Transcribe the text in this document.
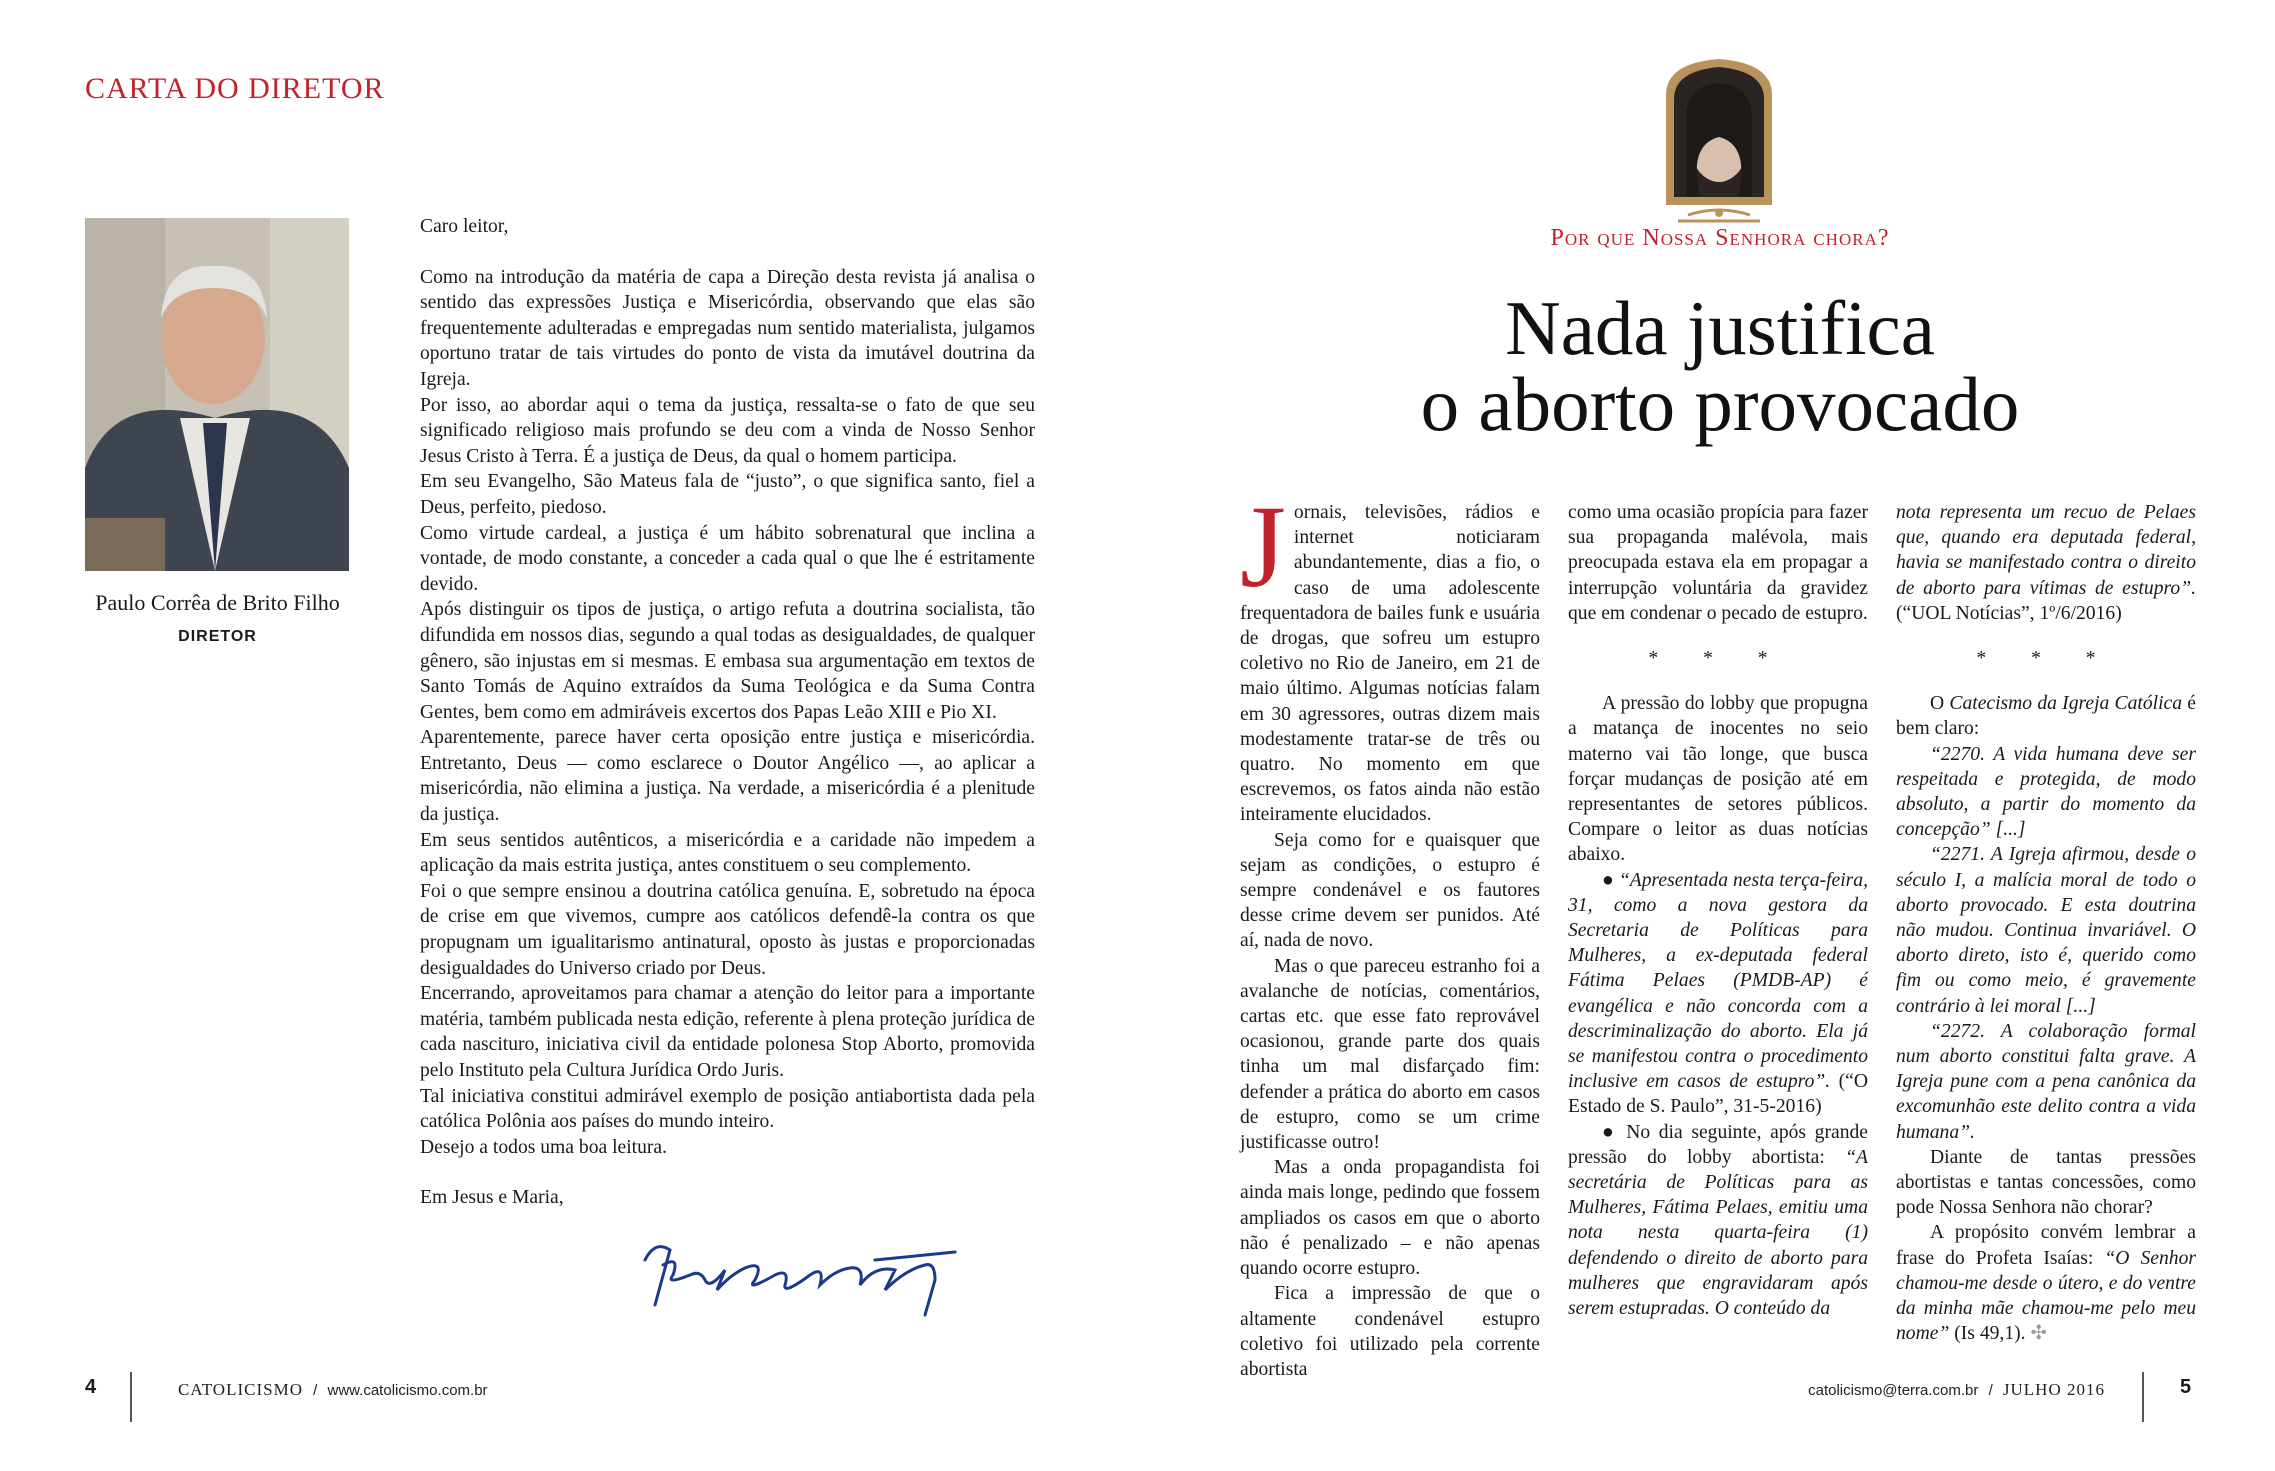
CARTA DO DIRETOR
Paulo Corrêa de Brito Filho
DIRETOR

Caro leitor,

Como na introdução da matéria de capa a Direção desta revista já analisa o sentido das expressões Justiça e Misericórdia, observando que elas são frequentemente adulteradas e empregadas num sentido materialista, julgamos oportuno tratar de tais virtudes do ponto de vista da imutável doutrina da Igreja.

Por isso, ao abordar aqui o tema da justiça, ressalta-se o fato de que seu significado religioso mais profundo se deu com a vinda de Nosso Senhor Jesus Cristo à Terra. É a justiça de Deus, da qual o homem participa.

Em seu Evangelho, São Mateus fala de “justo”, o que significa santo, fiel a Deus, perfeito, piedoso.

Como virtude cardeal, a justiça é um hábito sobrenatural que inclina a vontade, de modo constante, a conceder a cada qual o que lhe é estritamente devido.

Após distinguir os tipos de justiça, o artigo refuta a doutrina socialista, tão difundida em nossos dias, segundo a qual todas as desigualdades, de qualquer gênero, são injustas em si mesmas. E embasa sua argumentação em textos de Santo Tomás de Aquino extraídos da Suma Teológica e da Suma Contra Gentes, bem como em admiráveis excertos dos Papas Leão XIII e Pio XI.

Aparentemente, parece haver certa oposição entre justiça e misericórdia. Entretanto, Deus — como esclarece o Doutor Angélico —, ao aplicar a misericórdia, não elimina a justiça. Na verdade, a misericórdia é a plenitude da justiça.

Em seus sentidos autênticos, a misericórdia e a caridade não impedem a aplicação da mais estrita justiça, antes constituem o seu complemento.

Foi o que sempre ensinou a doutrina católica genuína. E, sobretudo na época de crise em que vivemos, cumpre aos católicos defendê-la contra os que propugnam um igualitarismo antinatural, oposto às justas e proporcionadas desigualdades do Universo criado por Deus.

Encerrando, aproveitamos para chamar a atenção do leitor para a importante matéria, também publicada nesta edição, referente à plena proteção jurídica de cada nascituro, iniciativa civil da entidade polonesa Stop Aborto, promovida pelo Instituto pela Cultura Jurídica Ordo Juris.

Tal iniciativa constitui admirável exemplo de posição antiabortista dada pela católica Polônia aos países do mundo inteiro.

Desejo a todos uma boa leitura.

Em Jesus e Maria,

4	CATOLICISMO / www.catolicismo.com.br
Por que Nossa Senhora chora?
Nada justifica
o aborto provocado

Jornais, televisões, rádios e internet noticiaram abundantemente, dias a fio, o caso de uma adolescente frequentadora de bailes funk e usuária de drogas, que sofreu um estupro coletivo no Rio de Janeiro, em 21 de maio último. Algumas notícias falam em 30 agressores, outras dizem mais modestamente tratar-se de três ou quatro. No momento em que escrevemos, os fatos ainda não estão inteiramente elucidados.

Seja como for e quaisquer que sejam as condições, o estupro é sempre condenável e os fautores desse crime devem ser punidos. Até aí, nada de novo.

Mas o que pareceu estranho foi a avalanche de notícias, comentários, cartas etc. que esse fato reprovável ocasionou, grande parte dos quais tinha um mal disfarçado fim: defender a prática do aborto em casos de estupro, como se um crime justificasse outro!

Mas a onda propagandista foi ainda mais longe, pedindo que fossem ampliados os casos em que o aborto não é penalizado – e não apenas quando ocorre estupro.

Fica a impressão de que o altamente condenável estupro coletivo foi utilizado pela corrente abortista

como uma ocasião propícia para fazer sua propaganda malévola, mais preocupada estava ela em propagar a interrupção voluntária da gravidez que em condenar o pecado de estupro.

* * *

A pressão do lobby que propugna a matança de inocentes no seio materno vai tão longe, que busca forçar mudanças de posição até em representantes de setores públicos. Compare o leitor as duas notícias abaixo.

● “Apresentada nesta terça-feira, 31, como a nova gestora da Secretaria de Políticas para Mulheres, a ex-deputada federal Fátima Pelaes (PMDB-AP) é evangélica e não concorda com a descriminalização do aborto. Ela já se manifestou contra o procedimento inclusive em casos de estupro”. (“O Estado de S. Paulo”, 31-5-2016)

● No dia seguinte, após grande pressão do lobby abortista: “A secretária de Políticas para as Mulheres, Fátima Pelaes, emitiu uma nota nesta quarta-feira (1) defendendo o direito de aborto para mulheres que engravidaram após serem estupradas. O conteúdo da

nota representa um recuo de Pelaes que, quando era deputada federal, havia se manifestado contra o direito de aborto para vítimas de estupro”. (“UOL Notícias”, 1º/6/2016)

* * *

O Catecismo da Igreja Católica é bem claro:

“2270. A vida humana deve ser respeitada e protegida, de modo absoluto, a partir do momento da concepção” [...]

“2271. A Igreja afirmou, desde o século I, a malícia moral de todo o aborto provocado. E esta doutrina não mudou. Continua invariável. O aborto direto, isto é, querido como fim ou como meio, é gravemente contrário à lei moral [...]

“2272. A colaboração formal num aborto constitui falta grave. A Igreja pune com a pena canônica da excomunhão este delito contra a vida humana”.

Diante de tantas pressões abortistas e tantas concessões, como pode Nossa Senhora não chorar?

A propósito convém lembrar a frase do Profeta Isaías: “O Senhor chamou-me desde o útero, e do ventre da minha mãe chamou-me pelo meu nome” (Is 49,1). ✣

catolicismo@terra.com.br / JULHO 2016	5
